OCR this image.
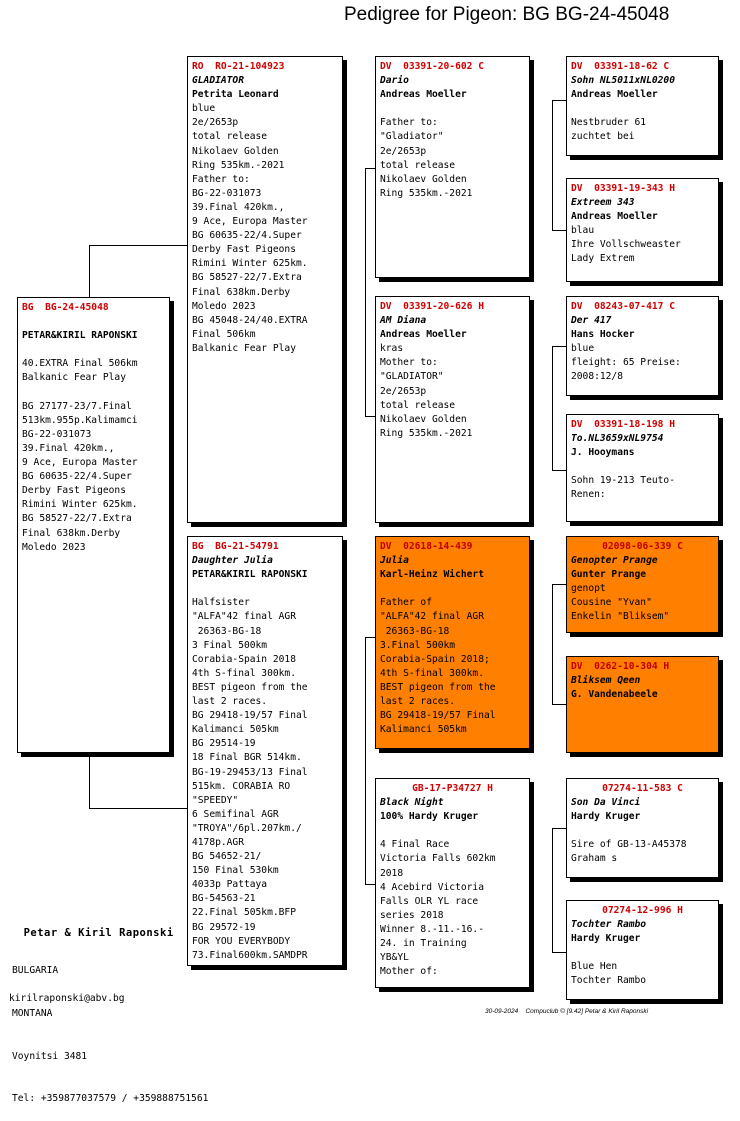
Pedigree for Pigeon: BG BG-24-45048
BG  BG-24-45048
PETAR&KIRIL RAPONSKI
40.EXTRA Final 506km
Balkanic Fear Play
BG 27177-23/7.Final
513km.955p.Kalimamci
BG-22-031073
39.Final 420km.,
9 Ace, Europa Master
BG 60635-22/4.Super
Derby Fast Pigeons
Rimini Winter 625km.
BG 58527-22/7.Extra
Final 638km.Derby
Moledo 2023
RO  RO-21-104923
GLADIATOR
Petrita Leonard
blue
2e/2653p
total release
Nikolaev Golden
Ring 535km.-2021
Father to:
BG-22-031073
39.Final 420km.,
9 Ace, Europa Master
BG 60635-22/4.Super
Derby Fast Pigeons
Rimini Winter 625km.
BG 58527-22/7.Extra
Final 638km.Derby
Moledo 2023
BG 45048-24/40.EXTRA
Final 506km
Balkanic Fear Play
BG  BG-21-54791
Daughter Julia
PETAR&KIRIL RAPONSKI
Halfsister
"ALFA"42 final AGR
26363-BG-18
3 Final 500km
Corabia-Spain 2018
4th S-final 300km.
BEST pigeon from the
last 2 races.
BG 29418-19/57 Final
Kalimanci 505km
BG 29514-19
18 Final BGR 514km.
BG-19-29453/13 Final
515km. CORABIA RO
"SPEEDY"
6 Semifinal AGR
"TROYA"/6pl.207km./
4178p.AGR
BG 54652-21/
150 Final 530km
4033p Pattaya
BG-54563-21
22.Final 505km.BFP
BG 29572-19
FOR YOU EVERYBODY
73.Final600km.SAMDPR
DV  03391-20-602 C
Dario
Andreas Moeller
Father to:
"Gladiator"
2e/2653p
total release
Nikolaev Golden
Ring 535km.-2021
DV  03391-20-626 H
AM Diana
Andreas Moeller
kras
Mother to:
"GLADIATOR"
2e/2653p
total release
Nikolaev Golden
Ring 535km.-2021
DV  02618-14-439
Julia
Karl-Heinz Wichert
Father of
"ALFA"42 final AGR
26363-BG-18
3.Final 500km
Corabia-Spain 2018;
4th S-final 300km.
BEST pigeon from the
last 2 races.
BG 29418-19/57 Final
Kalimanci 505km
GB-17-P34727 H
Black Night
100% Hardy Kruger
4 Final Race
Victoria Falls 602km
2018
4 Acebird Victoria
Falls OLR YL race
series 2018
Winner 8.-11.-16.-
24. in Training
YB&YL
Mother of:
DV  03391-18-62 C
Sohn NL5011xNL0200
Andreas Moeller
Nestbruder 61
zuchtet bei
DV  03391-19-343 H
Extreem 343
Andreas Moeller
blau
Ihre Vollschweaster
Lady Extrem
DV  08243-07-417 C
Der 417
Hans Hocker
blue
fleight: 65 Preise:
2008:12/8
DV  03391-18-198 H
To.NL3659xNL9754
J. Hooymans
Sohn 19-213 Teuto-
Renen:
02098-06-339 C
Genopter Prange
Gunter Prange
genopt
Cousine "Yvan"
Enkelin "Bliksem"
DV  0262-10-304 H
Bliksem Qeen
G. Vandenabeele
07274-11-583 C
Son Da Vinci
Hardy Kruger
Sire of GB-13-A45378
Graham s
07274-12-996 H
Tochter Rambo
Hardy Kruger
Blue Hen
Tochter Rambo

Petar & Kiril Raponski

BULGARIA

MONTANA

Voynitsi 3481

Tel: +359877037579 / +359888751561

kirilraponski@abv.bg
30-09-2024 Compuclub © [9.42] Petar & Kiril Raponski
